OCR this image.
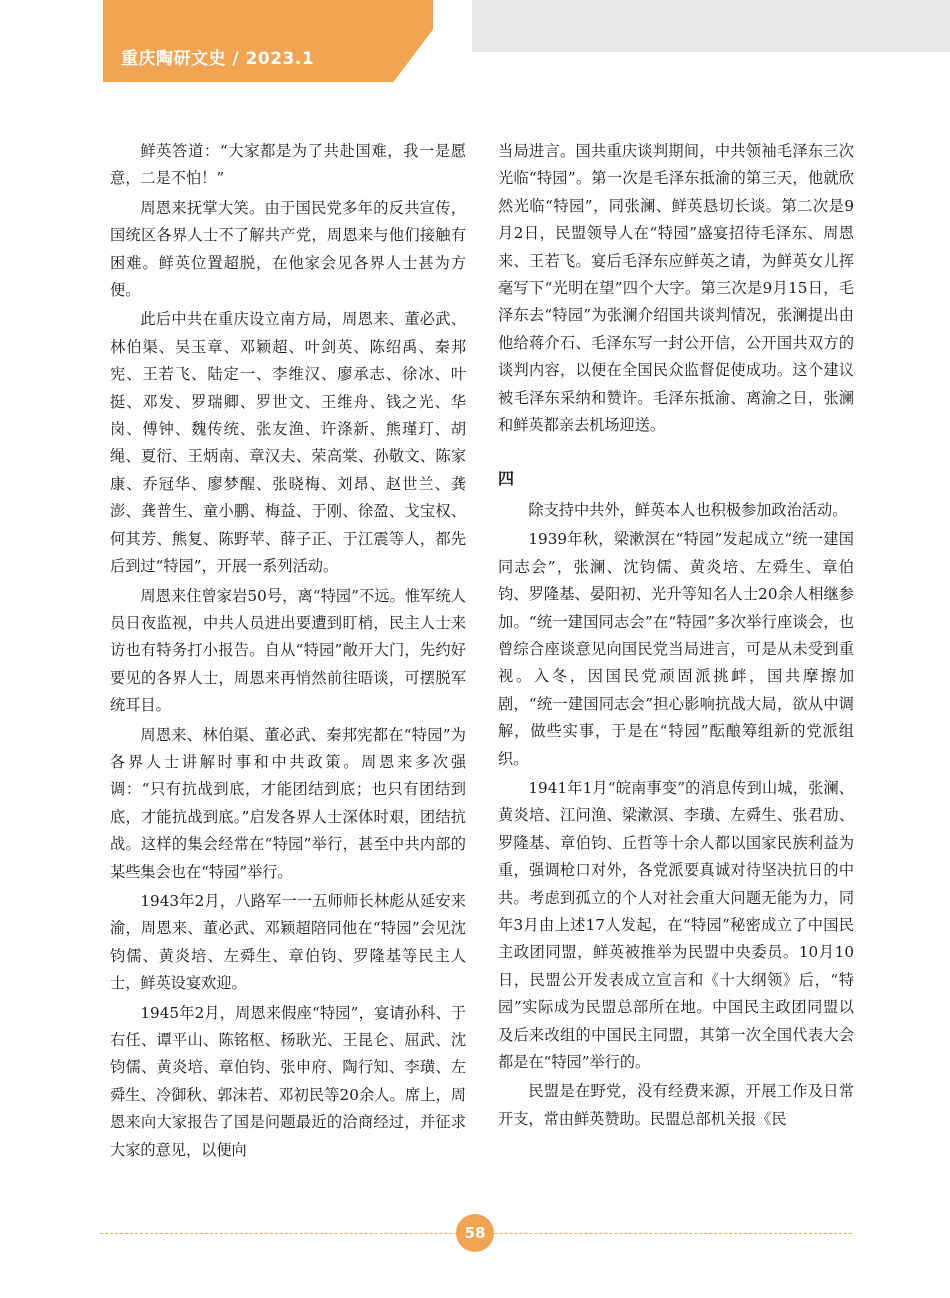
重庆陶研文史 / 2023.1

鲜英答道：“大家都是为了共赴国难，我一是愿意，二是不怕！”

周恩来抚掌大笑。由于国民党多年的反共宣传，国统区各界人士不了解共产党，周恩来与他们接触有困难。鲜英位置超脱，在他家会见各界人士甚为方便。

此后中共在重庆设立南方局，周恩来、董必武、林伯渠、吴玉章、邓颖超、叶剑英、陈绍禹、秦邦宪、王若飞、陆定一、李维汉、廖承志、徐冰、叶挺、邓发、罗瑞卿、罗世文、王维舟、钱之光、华岗、傅钟、魏传统、张友渔、许涤新、熊瑾玎、胡绳、夏衍、王炳南、章汉夫、荣高棠、孙敬文、陈家康、乔冠华、廖梦醒、张晓梅、刘昂、赵世兰、龚澎、龚普生、童小鹏、梅益、于刚、徐盈、戈宝权、何其芳、熊复、陈野苹、薛子正、于江震等人，都先后到过“特园”，开展一系列活动。

周恩来住曾家岩50号，离“特园”不远。惟军统人员日夜监视，中共人员进出要遭到盯梢，民主人士来访也有特务打小报告。自从“特园”敞开大门，先约好要见的各界人士，周恩来再悄然前往晤谈，可摆脱军统耳目。

周恩来、林伯渠、董必武、秦邦宪都在“特园”为各界人士讲解时事和中共政策。周恩来多次强调：“只有抗战到底，才能团结到底；也只有团结到底，才能抗战到底。”启发各界人士深体时艰，团结抗战。这样的集会经常在“特园”举行，甚至中共内部的某些集会也在“特园”举行。

1943年2月，八路军一一五师师长林彪从延安来渝，周恩来、董必武、邓颖超陪同他在“特园”会见沈钧儒、黄炎培、左舜生、章伯钧、罗隆基等民主人士，鲜英设宴欢迎。

1945年2月，周恩来假座“特园”，宴请孙科、于右任、谭平山、陈铭枢、杨耿光、王昆仑、屈武、沈钧儒、黄炎培、章伯钧、张申府、陶行知、李璜、左舜生、冷御秋、郭沫若、邓初民等20余人。席上，周恩来向大家报告了国是问题最近的洽商经过，并征求大家的意见，以便向

当局进言。国共重庆谈判期间，中共领袖毛泽东三次光临“特园”。第一次是毛泽东抵渝的第三天，他就欣然光临“特园”，同张澜、鲜英恳切长谈。第二次是9月2日，民盟领导人在“特园”盛宴招待毛泽东、周恩来、王若飞。宴后毛泽东应鲜英之请，为鲜英女儿挥毫写下“光明在望”四个大字。第三次是9月15日，毛泽东去“特园”为张澜介绍国共谈判情况，张澜提出由他给蒋介石、毛泽东写一封公开信，公开国共双方的谈判内容，以便在全国民众监督促使成功。这个建议被毛泽东采纳和赞许。毛泽东抵渝、离渝之日，张澜和鲜英都亲去机场迎送。

四

除支持中共外，鲜英本人也积极参加政治活动。

1939年秋，梁漱溟在“特园”发起成立“统一建国同志会”，张澜、沈钧儒、黄炎培、左舜生、章伯钧、罗隆基、晏阳初、光升等知名人士20余人相继参加。“统一建国同志会”在“特园”多次举行座谈会，也曾综合座谈意见向国民党当局进言，可是从未受到重视。入冬，因国民党顽固派挑衅，国共摩擦加剧，“统一建国同志会”担心影响抗战大局，欲从中调解，做些实事，于是在“特园”酝酿筹组新的党派组织。

1941年1月“皖南事变”的消息传到山城，张澜、黄炎培、江问渔、梁漱溟、李璜、左舜生、张君劢、罗隆基、章伯钧、丘哲等十余人都以国家民族利益为重，强调枪口对外，各党派要真诚对待坚决抗日的中共。考虑到孤立的个人对社会重大问题无能为力，同年3月由上述17人发起，在“特园”秘密成立了中国民主政团同盟，鲜英被推举为民盟中央委员。10月10日，民盟公开发表成立宣言和《十大纲领》后，“特园”实际成为民盟总部所在地。中国民主政团同盟以及后来改组的中国民主同盟，其第一次全国代表大会都是在“特园”举行的。

民盟是在野党，没有经费来源，开展工作及日常开支，常由鲜英赞助。民盟总部机关报《民

58
